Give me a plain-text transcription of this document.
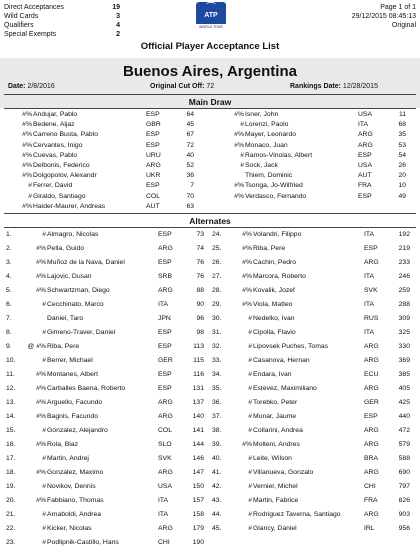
Direct Acceptances	19
Wild Cards	3
Qualifiers	4
Special Exempts	2
⌒
ATP
WORLD TOUR
Page 1 of 1
29/12/2015 08:45:13
Original
Official Player Acceptance List
Buenos Aires, Argentina
Date: 2/8/2016	Original Cut Off: 72	Rankings Date: 12/28/2015
Main Draw
#% Andujar, Pablo	ESP	64
#% Bedene, Aljaz	GBR	45
#% Carreno Busta, Pablo	ESP	67
#% Cervantes, Inigo	ESP	72
#% Cuevas, Pablo	URU	40
#% Delbonis, Federico	ARG	52
#% Dolgopolov, Alexandr	UKR	36
# Ferrer, David	ESP	7
# Giraldo, Santiago	COL	70
#% Haider-Maurer, Andreas	AUT	63
#% Isner, John	USA	11
# Lorenzi, Paolo	ITA	68
#% Mayer, Leonardo	ARG	35
#% Monaco, Juan	ARG	53
# Ramos-Vinolas, Albert	ESP	54
# Sock, Jack	USA	26
Thiem, Dominic	AUT	20
#% Tsonga, Jo-Wilfried	FRA	10
#% Verdasco, Fernando	ESP	49
Alternates
1.	# Almagro, Nicolas	ESP	73
2.	#% Pella, Guido	ARG	74
3.	#% Muñoz de la Nava, Daniel	ESP	76
4.	#% Lajovic, Dusan	SRB	76
5.	#% Schwartzman, Diego	ARG	88
6.	# Cecchinato, Marco	ITA	90
7.	Daniel, Taro	JPN	96
8.	# Gimeno-Traver, Daniel	ESP	98
9.	@ #% Riba, Pere	ESP	113
10.	# Berrer, Michael	GER	115
11.	#% Montanes, Albert	ESP	116
12.	#% Carballes Baena, Roberto	ESP	131
13.	#% Arguello, Facundo	ARG	137
14.	#% Bagnis, Facundo	ARG	140
15.	# Gonzalez, Alejandro	COL	141
16.	#% Rola, Blaz	SLO	144
17.	# Martin, Andrej	SVK	146
18.	#% Gonzalez, Maximo	ARG	147
19.	# Novikov, Dennis	USA	150
20.	#% Fabbiano, Thomas	ITA	157
21.	# Arnaboldi, Andrea	ITA	158
22.	# Kicker, Nicolas	ARG	179
23.	# Podlipnik-Castillo, Hans	CHI	190
24.	#% Volandri, Filippo	ITA	192
25.	#% Riba, Pere	ESP	219
26.	#% Cachin, Pedro	ARG	233
27.	#% Marcora, Roberto	ITA	246
28.	#% Kovalik, Jozef	SVK	259
29.	#% Viola, Matteo	ITA	288
30.	# Nedelko, Ivan	RUS	309
31.	# Cipolla, Flavio	ITA	325
32.	# Lipovsek Puches, Tomas	ARG	330
33.	# Casanova, Hernan	ARG	369
34.	# Endara, Ivan	ECU	385
35.	# Estevez, Maximiliano	ARG	405
36.	# Torebko, Peter	GER	425
37.	# Munar, Jaume	ESP	440
38.	# Collarini, Andrea	ARG	472
39.	#% Molteni, Andres	ARG	579
40.	# Leite, Wilson	BRA	588
41.	# Villanueva, Gonzalo	ARG	690
42.	# Vernier, Michel	CHI	797
43.	# Martin, Fabrice	FRA	826
44.	# Rodriguez Taverna, Santiago	ARG	903
45.	# Glancy, Daniel	IRL	956
